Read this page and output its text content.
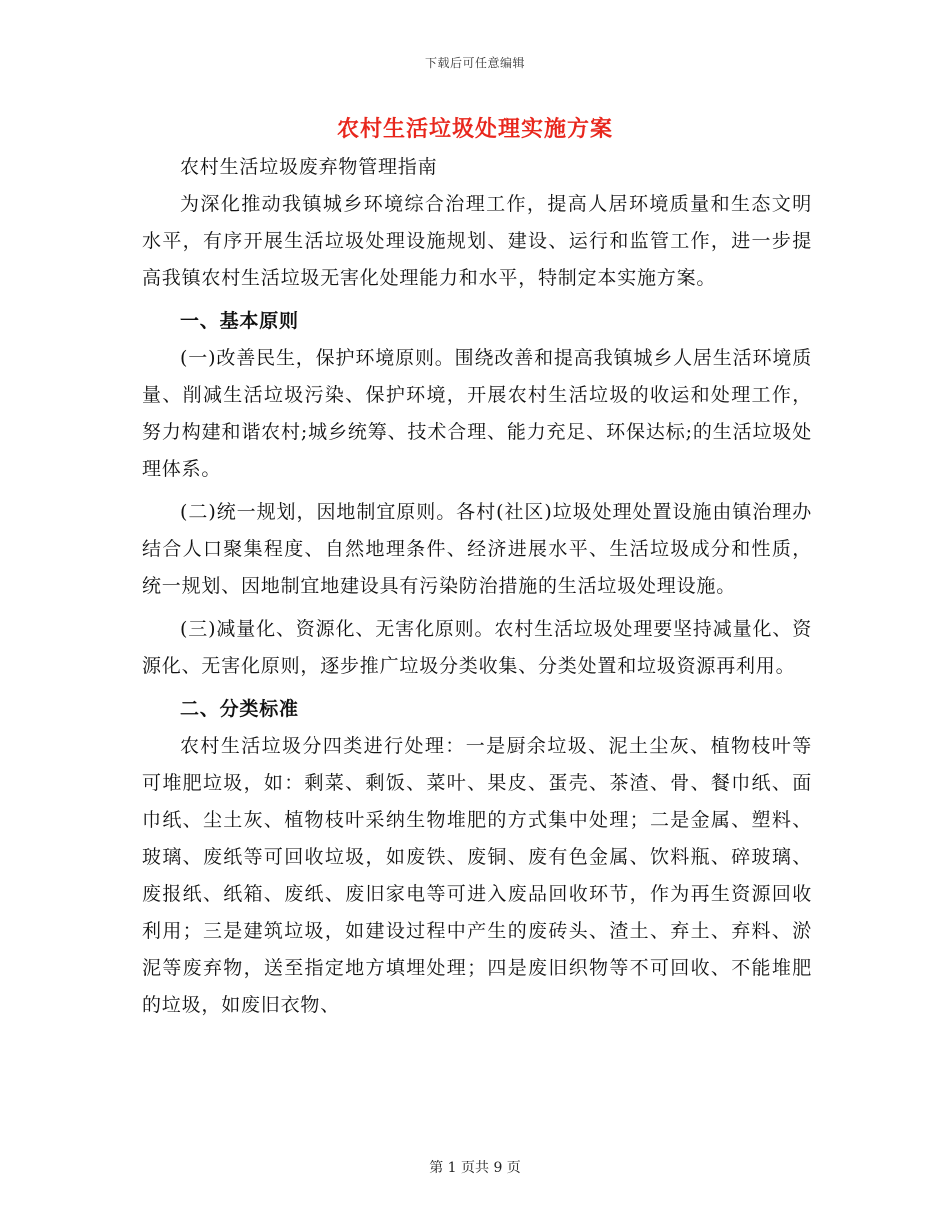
下载后可任意编辑
农村生活垃圾处理实施方案

农村生活垃圾废弃物管理指南

为深化推动我镇城乡环境综合治理工作，提高人居环境质量和生态文明水平，有序开展生活垃圾处理设施规划、建设、运行和监管工作，进一步提高我镇农村生活垃圾无害化处理能力和水平，特制定本实施方案。

一、基本原则

(一)改善民生，保护环境原则。围绕改善和提高我镇城乡人居生活环境质量、削减生活垃圾污染、保护环境，开展农村生活垃圾的收运和处理工作，努力构建和谐农村;城乡统筹、技术合理、能力充足、环保达标;的生活垃圾处理体系。

(二)统一规划，因地制宜原则。各村(社区)垃圾处理处置设施由镇治理办结合人口聚集程度、自然地理条件、经济进展水平、生活垃圾成分和性质，统一规划、因地制宜地建设具有污染防治措施的生活垃圾处理设施。

(三)减量化、资源化、无害化原则。农村生活垃圾处理要坚持减量化、资源化、无害化原则，逐步推广垃圾分类收集、分类处置和垃圾资源再利用。

二、分类标准

农村生活垃圾分四类进行处理：一是厨余垃圾、泥土尘灰、植物枝叶等可堆肥垃圾，如：剩菜、剩饭、菜叶、果皮、蛋壳、茶渣、骨、餐巾纸、面巾纸、尘土灰、植物枝叶采纳生物堆肥的方式集中处理；二是金属、塑料、玻璃、废纸等可回收垃圾，如废铁、废铜、废有色金属、饮料瓶、碎玻璃、废报纸、纸箱、废纸、废旧家电等可进入废品回收环节，作为再生资源回收利用；三是建筑垃圾，如建设过程中产生的废砖头、渣土、弃土、弃料、淤泥等废弃物，送至指定地方填埋处理；四是废旧织物等不可回收、不能堆肥的垃圾，如废旧衣物、

第 1 页共 9 页
